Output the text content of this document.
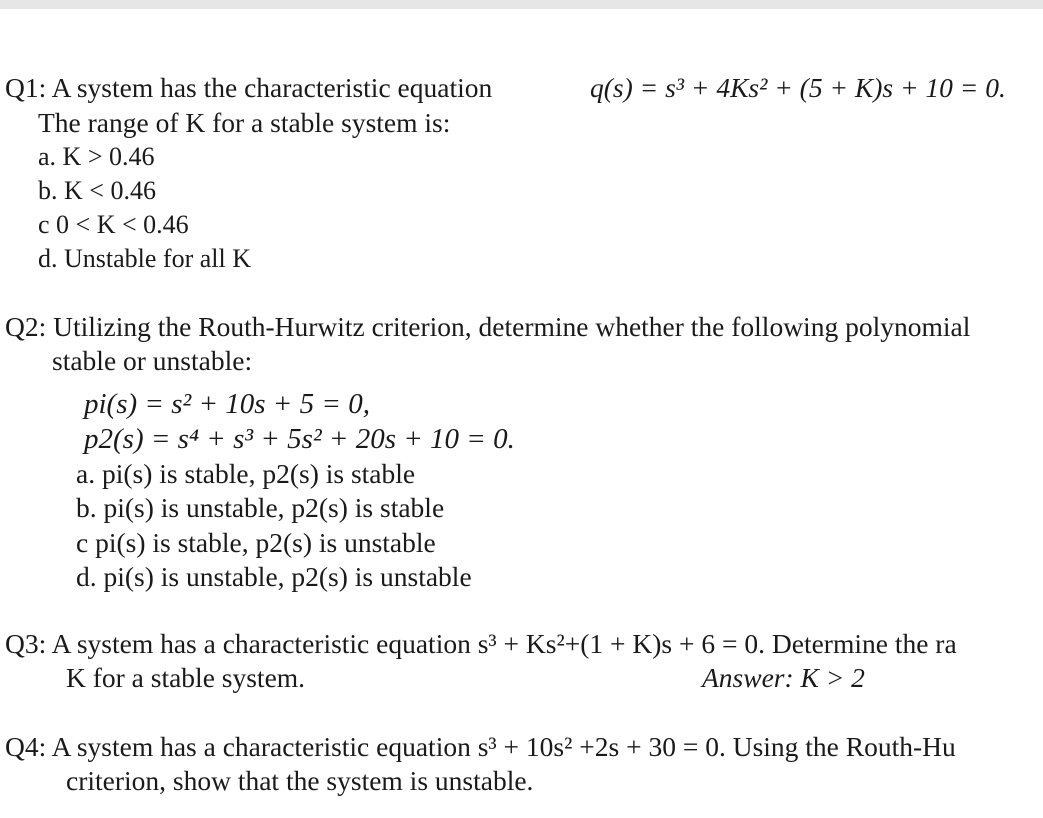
Q1: A system has the characteristic equation	q(s) = s³ + 4Ks² + (5 + K)s + 10 = 0.
The range of K for a stable system is:
a. K > 0.46
b. K < 0.46
c 0 < K < 0.46
d. Unstable for all K
Q2: Utilizing the Routh-Hurwitz criterion, determine whether the following polynomial
stable or unstable:
pi(s) = s² + 10s + 5 = 0,
p2(s) = s⁴ + s³ + 5s² + 20s + 10 = 0.
a. pi(s) is stable, p2(s) is stable
b. pi(s) is unstable, p2(s) is stable
c pi(s) is stable, p2(s) is unstable
d. pi(s) is unstable, p2(s) is unstable
Q3: A system has a characteristic equation s³ + Ks²+(1 + K)s + 6 = 0. Determine the ra
K for a stable system.	Answer: K > 2
Q4: A system has a characteristic equation s³ + 10s² +2s + 30 = 0. Using the Routh-Hu
criterion, show that the system is unstable.
